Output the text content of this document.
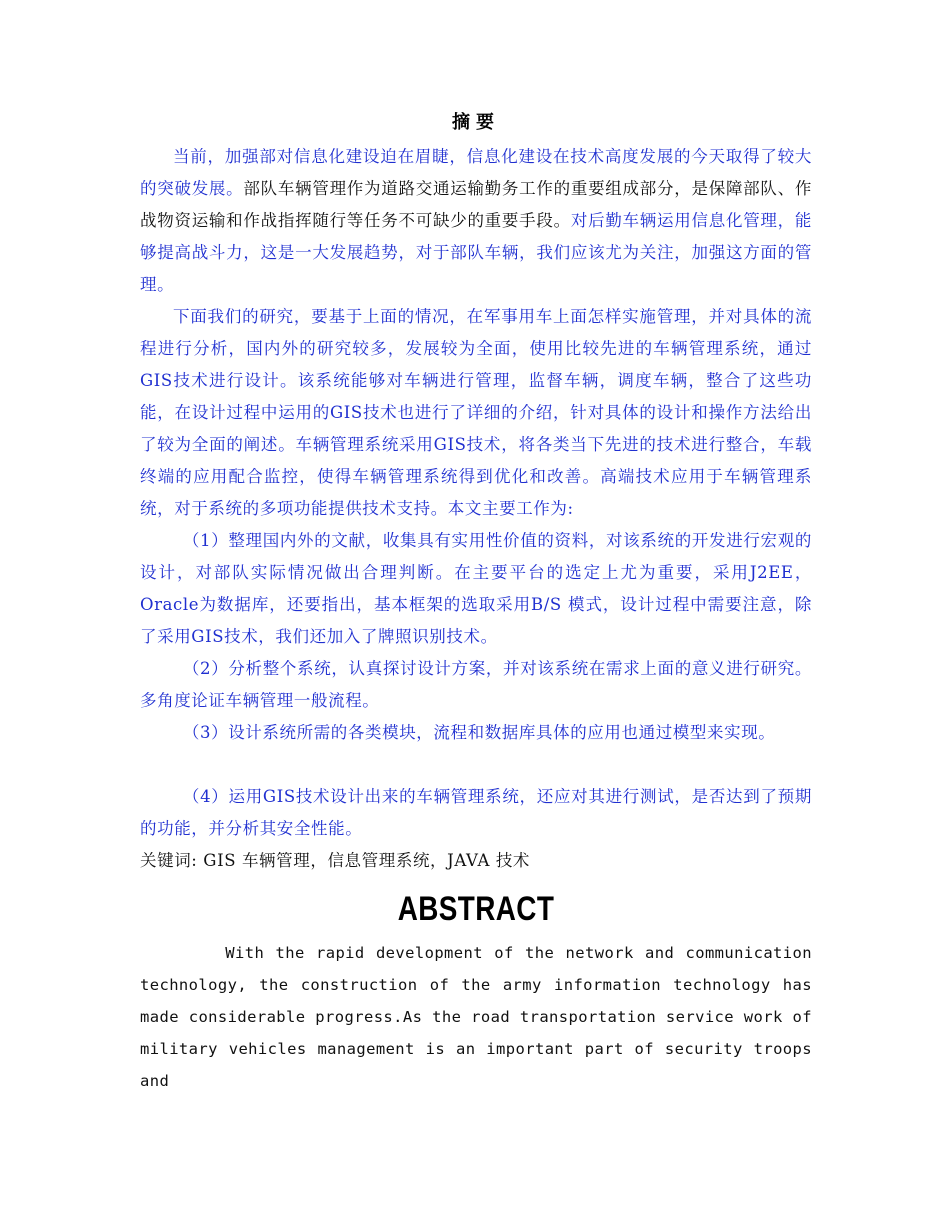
摘要

当前，加强部对信息化建设迫在眉睫，信息化建设在技术高度发展的今天取得了较大的突破发展。部队车辆管理作为道路交通运输勤务工作的重要组成部分，是保障部队、作战物资运输和作战指挥随行等任务不可缺少的重要手段。对后勤车辆运用信息化管理，能够提高战斗力，这是一大发展趋势，对于部队车辆，我们应该尤为关注，加强这方面的管理。

下面我们的研究，要基于上面的情况，在军事用车上面怎样实施管理，并对具体的流程进行分析，国内外的研究较多，发展较为全面，使用比较先进的车辆管理系统，通过GIS技术进行设计。该系统能够对车辆进行管理，监督车辆，调度车辆，整合了这些功能，在设计过程中运用的GIS技术也进行了详细的介绍，针对具体的设计和操作方法给出了较为全面的阐述。车辆管理系统采用GIS技术，将各类当下先进的技术进行整合，车载终端的应用配合监控，使得车辆管理系统得到优化和改善。高端技术应用于车辆管理系统，对于系统的多项功能提供技术支持。本文主要工作为:

（1）整理国内外的文献，收集具有实用性价值的资料，对该系统的开发进行宏观的设计，对部队实际情况做出合理判断。在主要平台的选定上尤为重要，采用J2EE，Oracle为数据库，还要指出，基本框架的选取采用B/S 模式，设计过程中需要注意，除了采用GIS技术，我们还加入了牌照识别技术。

（2）分析整个系统，认真探讨设计方案，并对该系统在需求上面的意义进行研究。多角度论证车辆管理一般流程。

（3）设计系统所需的各类模块，流程和数据库具体的应用也通过模型来实现。

（4）运用GIS技术设计出来的车辆管理系统，还应对其进行测试，是否达到了预期的功能，并分析其安全性能。

关键词: GIS 车辆管理，信息管理系统，JAVA 技术

ABSTRACT

With the rapid development of the network and communication technology, the construction of the army information technology has made considerable progress.As the road transportation service work of military vehicles management is an important part of security troops and
